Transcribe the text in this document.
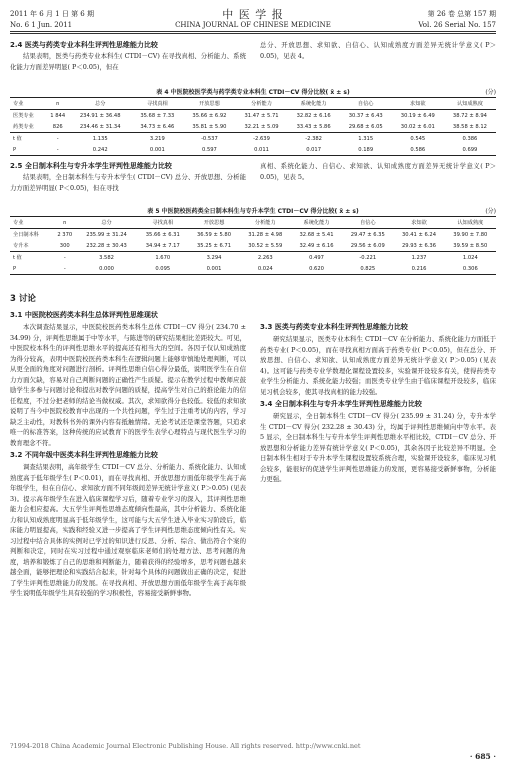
2011 年 6 月 1 日 第 6 期
No. 6 1 Jun. 2011
中 医 学 报
CHINA JOURNAL OF CHINESE MEDICINE
第 26 卷 总第 157 期
Vol. 26 Serial No. 157
2.4 医类与药类专业本科生评判性思维能力比较

结果表明，医类与药类专业本科生( CTDI－CV) 在寻找真相、分析能力、系统化能力方面差异明显( P＜0.05)，但在

总分、开放思想、求知欲、自信心、认知成熟度方面差异无统计学意义( P＞0.05)，见表 4。

表 4 中医院校医学类与药学类专业本科生 CTDI－CV 得分比较( x̄ ± s)	(分)
专业	n	总分	寻找真相	开放思想	分析能力	系统化能力	自信心	求知欲	认知成熟度
医类专业	1 844	234.91 ± 36.48	35.68 ± 7.33	35.66 ± 6.92	31.47 ± 5.71	32.82 ± 6.16	30.37 ± 6.43	30.19 ± 6.49	38.72 ± 8.94
药类专业	826	234.46 ± 31.34	34.73 ± 6.46	35.81 ± 5.90	32.21 ± 5.09	33.43 ± 5.86	29.68 ± 6.05	30.02 ± 6.01	38.58 ± 8.12
t 值	-	1.135	3.219	-0.537	-2.639	-2.382	1.315	0.545	0.386
P	-	0.242	0.001	0.597	0.011	0.017	0.189	0.586	0.699
2.5 全日制本科生与专升本学生评判性思维能力比较

结果表明，全日制本科生与专升本学生( CTDI－CV) 总分、开放思想、分析能力方面差异明显( P＜0.05)，但在寻找

真相、系统化能力、自信心、求知欲、认知成熟度方面差异无统计学意义( P＞0.05)，见表 5。

表 5 中医院校医药类全日制本科生与专升本学生 CTDI－CV 得分比较( x̄ ± s)	(分)
专业	n	总分	寻找真相	开放思想	分析能力	系统化能力	自信心	求知欲	认知成熟度
全日制本科	2 370	235.99 ± 31.24	35.66 ± 6.31	36.59 ± 5.80	31.28 ± 4.98	32.68 ± 5.41	29.47 ± 6.35	30.41 ± 6.24	39.90 ± 7.80
专升本	300	232.28 ± 30.43	34.94 ± 7.17	35.25 ± 6.71	30.52 ± 5.59	32.49 ± 6.16	29.56 ± 6.09	29.93 ± 6.36	39.59 ± 8.50
t 值	-	3.582	1.670	3.294	2.263	0.497	-0.221	1.237	1.024
P	-	0.000	0.095	0.001	0.024	0.620	0.825	0.216	0.306
3 讨论
3.1 中医院校医药类本科生总体评判性思维现状

本次调查结果显示，中医院校医药类本科生总体 CTDI－CV 得分( 234.70 ± 34.99) 分，评判性思维属于中等水平，与陈进等的研究结果相比差距较大。可见，中医院校本科生的评判性思维水平的提高还有相当大的空间。各因子仅认知成熟度为得分较高，表明中医院校医药类本科生在逻辑问题上能够审慎地处理判断，可以从更全面的角度对问题进行剖析。评判性思维自信心得分最低，说明医学生在自信力方面欠缺，容易对自己判断问题的正确性产生质疑。提示在教学过程中教师应鼓励学生多参与问题讨论和提出对教学问题的质疑，提高学生对自己的推论能力的信任程度，不过分把老师的结论当做权威。其次，求知欲得分也较低。较低的求知欲说明了当今中医院校教育中出现的一个共性问题，学生过于注重考试的内容，学习缺乏主动性，对教科书外的课外内容有抵触情绪。无论考试还是课堂答题，只追求唯一的标准答案，这种传统的应试教育下的医学生表学心理特点与现代医生学习的教育理念不符。

3.2 不同年级中医类本科生评判性思维能力比较

调查结果表明，高年级学生 CTDI－CV 总分、分析能力、系统化能力、认知成熟度高于低年级学生( P＜0.01)，而在寻找真相、开放思想方面低年级学生高于高年级学生，但在自信心、求知欲方面不同年级间差异无统计学意义( P＞0.05) (见表 3)。提示高年级学生在进入临床课程学习后，随着专业学习的深入，其评判性思维能力会相应提高。大五学生评判性思维态度倾向性最高，其中分析能力、系统化能力和认知成熟度明显高于低年级学生，这可能与大五学生进入毕业实习阶段后，临床能力明显提高，实践和经验又进一步提高了学生评判性思维态度倾向性有关。实习过程中结合具体的实例对已学过的知识进行反思、分析、综合、做出符合个案的判断和决定，同时在实习过程中通过观察临床老师们的处理方法、思考问题的角度，培养和锻炼了自己的思维和判断能力，随着获得的经验增多，思考问题也越来越全面，能够把理论和实践结合起来，针对每个具体的问题做出正确的决定，促进了学生评判性思维能力的发展。在寻找真相、开放思想方面低年级学生高于高年级学生说明低年级学生具有较强的学习积极性，容易接受新鲜事物。

3.3 医类与药类专业本科生评判性思维能力比较

研究结果显示，医类专业本科生 CTDI－CV 在分析能力、系统化能力方面低于药类专业( P＜0.05)，而在寻找真相方面高于药类专业( P＜0.05)，但在总分、开放思想、自信心、求知欲、认知成熟度方面差异无统计学意义( P＞0.05) (见表 4)。这可能与药类专业学数理化课程设置较多，实验课开设较多有关，使得药类专业学生分析能力、系统化能力较强；而医类专业学生由于临床课程开设较多，临床见习机会较多，使其寻找真相的能力较强。

3.4 全日制本科生与专升本学生评判性思维能力比较

研究显示，全日制本科生 CTDI－CV 得分( 235.99 ± 31.24) 分，专升本学生 CTDI－CV 得分( 232.28 ± 30.43) 分，均属于评判性思维倾向中等水平。表 5 显示，全日制本科生与专升本学生评判性思维水平相比较，CTDI－CV 总分、开放思想和分析能力差异有统计学意义( P＜0.05)，其余各因子比较差异不明显。全日制本科生相对于专升本学生课程设置较系统合理，实验课开设较多，临床见习机会较多，能很好的促进学生评判性思维能力的发展，更容易接受新鲜事物，分析能力更强。

?1994-2018 China Academic Journal Electronic Publishing House. All rights reserved. http://www.cnki.net
· 685 ·
